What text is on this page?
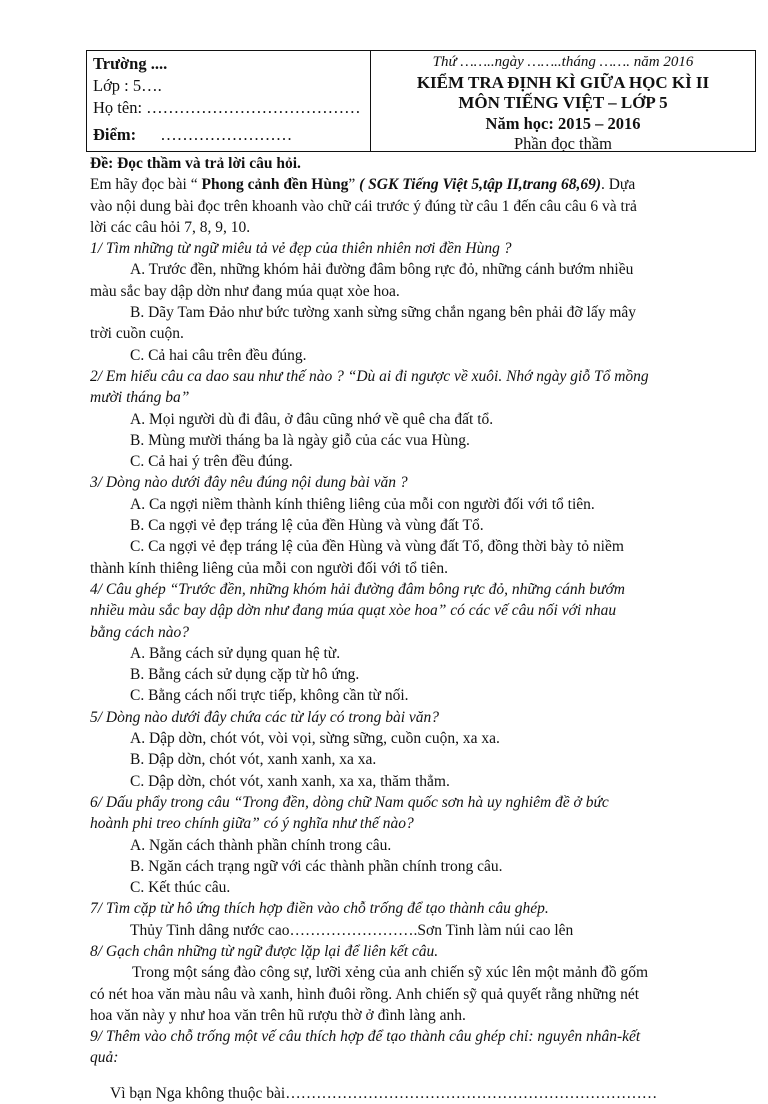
Trường ....
Lớp : 5….
Họ tên: …………………………………
Điểm: ……………………
Thứ ……..ngày ……..tháng ……. năm 2016
KIỂM TRA ĐỊNH KÌ GIỮA HỌC KÌ II
MÔN TIẾNG VIỆT – LỚP 5
Năm học: 2015 – 2016
Phần đọc thầm
Đề: Đọc thầm và trả lời câu hỏi.
Em hãy đọc bài “ Phong cảnh đền Hùng” ( SGK Tiếng Việt 5,tập II,trang 68,69). Dựa
vào nội dung bài đọc trên khoanh vào chữ cái trước ý đúng từ câu 1 đến câu câu 6 và trả
lời các câu hỏi 7, 8, 9, 10.
1/ Tìm những từ ngữ miêu tả vẻ đẹp của thiên nhiên nơi đền Hùng ?
A. Trước đền, những khóm hải đường đâm bông rực đỏ, những cánh bướm nhiều
màu sắc bay dập dờn như đang múa quạt xòe hoa.
B. Dãy Tam Đảo như bức tường xanh sừng sững chắn ngang bên phải đỡ lấy mây
trời cuồn cuộn.
C. Cả hai câu trên đều đúng.
2/ Em hiểu câu ca dao sau như thế nào ? “Dù ai đi ngược về xuôi. Nhớ ngày giỗ Tổ mồng
mười tháng ba”
A. Mọi người dù đi đâu, ở đâu cũng nhớ về quê cha đất tổ.
B. Mùng mười tháng ba là ngày giỗ của các vua Hùng.
C. Cả hai ý trên đều đúng.
3/ Dòng nào dưới đây nêu đúng nội dung bài văn ?
A. Ca ngợi niềm thành kính thiêng liêng của mỗi con người đối với tổ tiên.
B. Ca ngợi vẻ đẹp tráng lệ của đền Hùng và vùng đất Tổ.
C. Ca ngợi vẻ đẹp tráng lệ của đền Hùng và vùng đất Tổ, đồng thời bày tỏ niềm
thành kính thiêng liêng của mỗi con người đối với tổ tiên.
4/ Câu ghép “Trước đền, những khóm hải đường đâm bông rực đỏ, những cánh bướm
nhiều màu sắc bay dập dờn như đang múa quạt xòe hoa” có các vế câu nối với nhau
bằng cách nào?
A. Bằng cách sử dụng quan hệ từ.
B. Bằng cách sử dụng cặp từ hô ứng.
C. Bằng cách nối trực tiếp, không cần từ nối.
5/ Dòng nào dưới đây chứa các từ láy có trong bài văn?
A. Dập dờn, chót vót, vòi vọi, sừng sững, cuồn cuộn, xa xa.
B. Dập dờn, chót vót, xanh xanh, xa xa.
C. Dập dờn, chót vót, xanh xanh, xa xa, thăm thẳm.
6/ Dấu phẩy trong câu “Trong đền, dòng chữ Nam quốc sơn hà uy nghiêm đề ở bức
hoành phi treo chính giữa” có ý nghĩa như thế nào?
A. Ngăn cách thành phần chính trong câu.
B. Ngăn cách trạng ngữ với các thành phần chính trong câu.
C. Kết thúc câu.
7/ Tìm cặp từ hô ứng thích hợp điền vào chỗ trống để tạo thành câu ghép.
Thủy Tinh dâng nước cao…………………….Sơn Tinh làm núi cao lên
8/ Gạch chân những từ ngữ được lặp lại để liên kết câu.
Trong một sáng đào công sự, lưỡi xẻng của anh chiến sỹ xúc lên một mảnh đồ gốm
có nét hoa văn màu nâu và xanh, hình đuôi rồng. Anh chiến sỹ quả quyết rằng những nét
hoa văn này y như hoa văn trên hũ rượu thờ ở đình làng anh.
9/ Thêm vào chỗ trống một vế câu thích hợp để tạo thành câu ghép chỉ: nguyên nhân-kết
quả:
Vì bạn Nga không thuộc bài………………………………………………………………
